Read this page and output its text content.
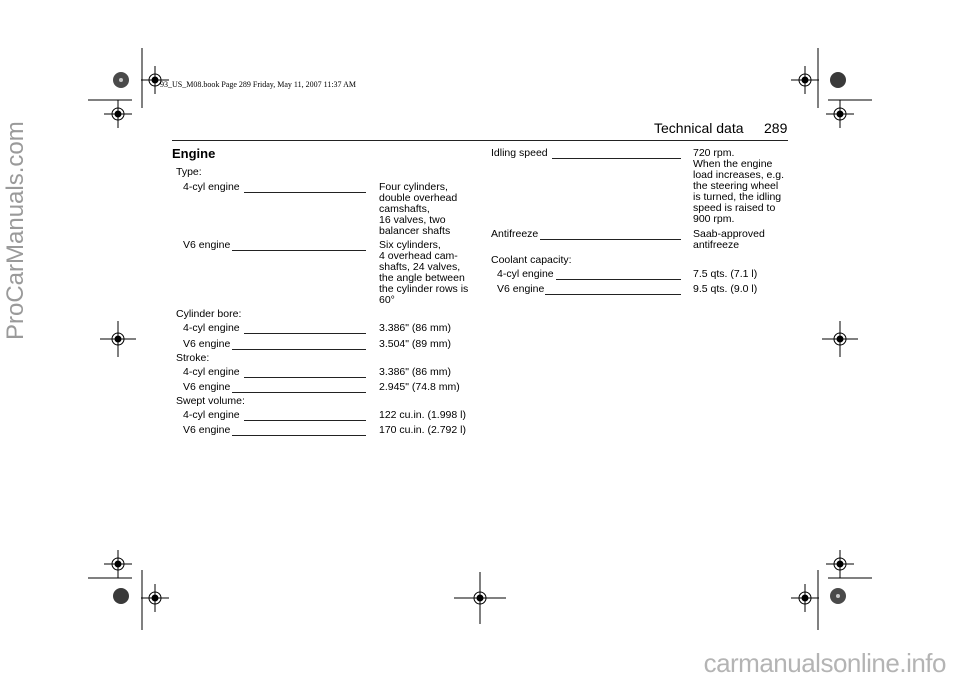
93_US_M08.book Page 289 Friday, May 11, 2007 11:37 AM
Technical data 289
Engine
Type:
4-cyl engine	Four cylinders,
double overhead
camshafts,
16 valves, two
balancer shafts
V6 engine	Six cylinders,
4 overhead cam-
shafts, 24 valves,
the angle between
the cylinder rows is
60°
Cylinder bore:
4-cyl engine	3.386" (86 mm)
V6 engine	3.504" (89 mm)
Stroke:
4-cyl engine	3.386" (86 mm)
V6 engine	2.945" (74.8 mm)
Swept volume:
4-cyl engine	122 cu.in. (1.998 l)
V6 engine	170 cu.in. (2.792 l)
Idling speed	720 rpm.
When the engine
load increases, e.g.
the steering wheel
is turned, the idling
speed is raised to
900 rpm.
Antifreeze	Saab-approved
antifreeze
Coolant capacity:
4-cyl engine	7.5 qts. (7.1 l)
V6 engine	9.5 qts. (9.0 l)
ProCarManuals.com
carmanualsonline.info
